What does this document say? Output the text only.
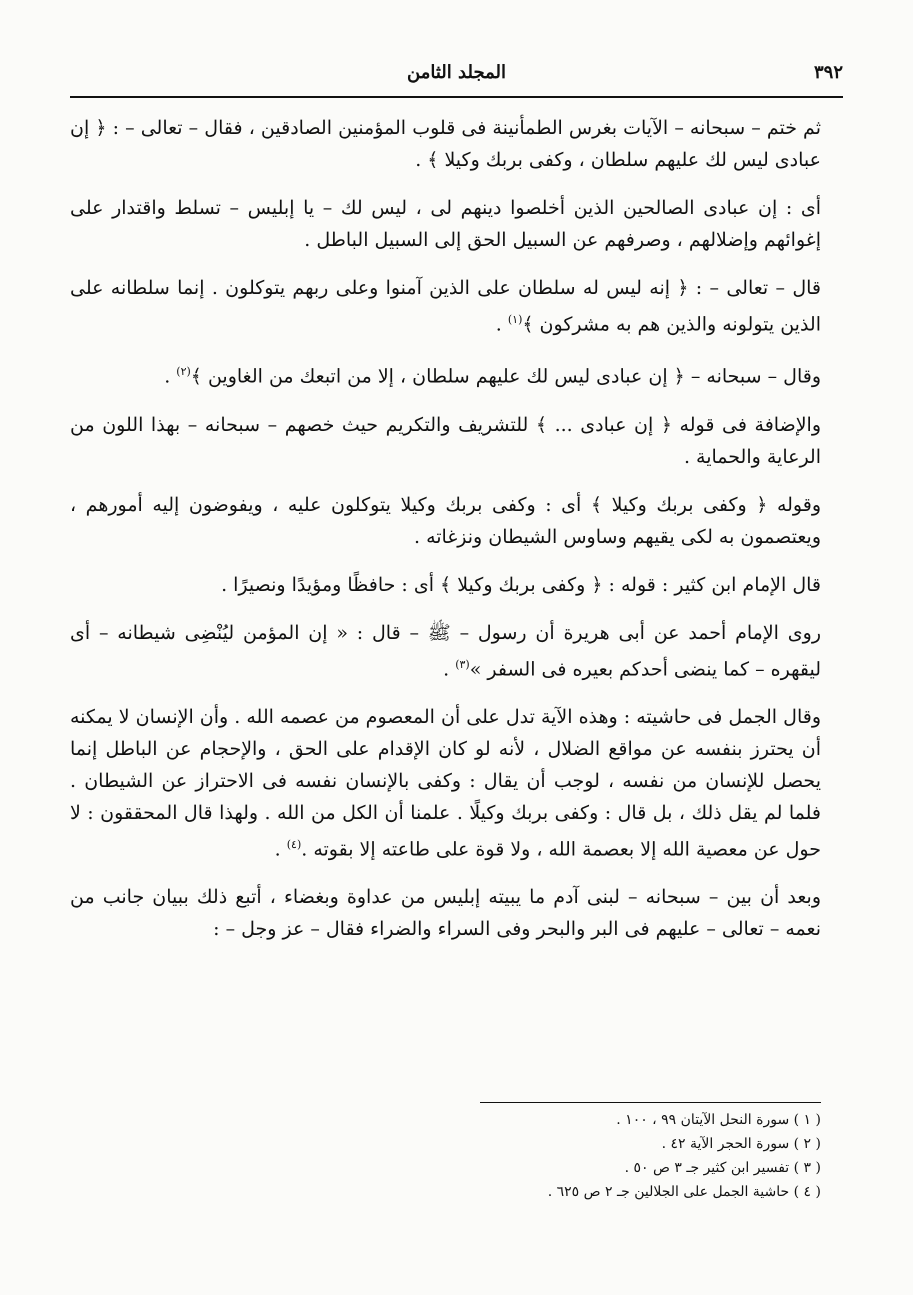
٣٩٢
المجلد الثامن

ثم ختم – سبحانه – الآيات بغرس الطمأنينة فى قلوب المؤمنين الصادقين ، فقال – تعالى – : ﴿ إن عبادى ليس لك عليهم سلطان ، وكفى بربك وكيلا ﴾ .

أى : إن عبادى الصالحين الذين أخلصوا دينهم لى ، ليس لك – يا إبليس – تسلط واقتدار على إغوائهم وإضلالهم ، وصرفهم عن السبيل الحق إلى السبيل الباطل .

قال – تعالى – : ﴿ إنه ليس له سلطان على الذين آمنوا وعلى ربهم يتوكلون . إنما سلطانه على الذين يتولونه والذين هم به مشركون ﴾$^{(١)}$ .

وقال – سبحانه – ﴿ إن عبادى ليس لك عليهم سلطان ، إلا من اتبعك من الغاوين ﴾$^{(٢)}$ .

والإضافة فى قوله ﴿ إن عبادى ... ﴾ للتشريف والتكريم حيث خصهم – سبحانه – بهذا اللون من الرعاية والحماية .

وقوله ﴿ وكفى بربك وكيلا ﴾ أى : وكفى بربك وكيلا يتوكلون عليه ، ويفوضون إليه أمورهم ، ويعتصمون به لكى يقيهم وساوس الشيطان ونزغاته .

قال الإمام ابن كثير : قوله : ﴿ وكفى بربك وكيلا ﴾ أى : حافظًا ومؤيدًا ونصيرًا .

روى الإمام أحمد عن أبى هريرة أن رسول – ﷺ – قال : « إن المؤمن ليُنْضِى شيطانه – أى ليقهره – كما ينضى أحدكم بعيره فى السفر »$^{(٣)}$ .

وقال الجمل فى حاشيته : وهذه الآية تدل على أن المعصوم من عصمه الله . وأن الإنسان لا يمكنه أن يحترز بنفسه عن مواقع الضلال ، لأنه لو كان الإقدام على الحق ، والإحجام عن الباطل إنما يحصل للإنسان من نفسه ، لوجب أن يقال : وكفى بالإنسان نفسه فى الاحتراز عن الشيطان . فلما لم يقل ذلك ، بل قال : وكفى بربك وكيلًا . علمنا أن الكل من الله . ولهذا قال المحققون : لا حول عن معصية الله إلا بعصمة الله ، ولا قوة على طاعته إلا بقوته .$^{(٤)}$ .

وبعد أن بين – سبحانه – لبنى آدم ما يبيته إبليس من عداوة وبغضاء ، أتبع ذلك ببيان جانب من نعمه – تعالى – عليهم فى البر والبحر وفى السراء والضراء فقال – عز وجل – :

( ١ ) سورة النحل الآيتان ٩٩ ، ١٠٠ .

( ٢ ) سورة الحجر الآية ٤٢ .

( ٣ ) تفسير ابن كثير جـ ٣ ص ٥٠ .

( ٤ ) حاشية الجمل على الجلالين جـ ٢ ص ٦٢٥ .
